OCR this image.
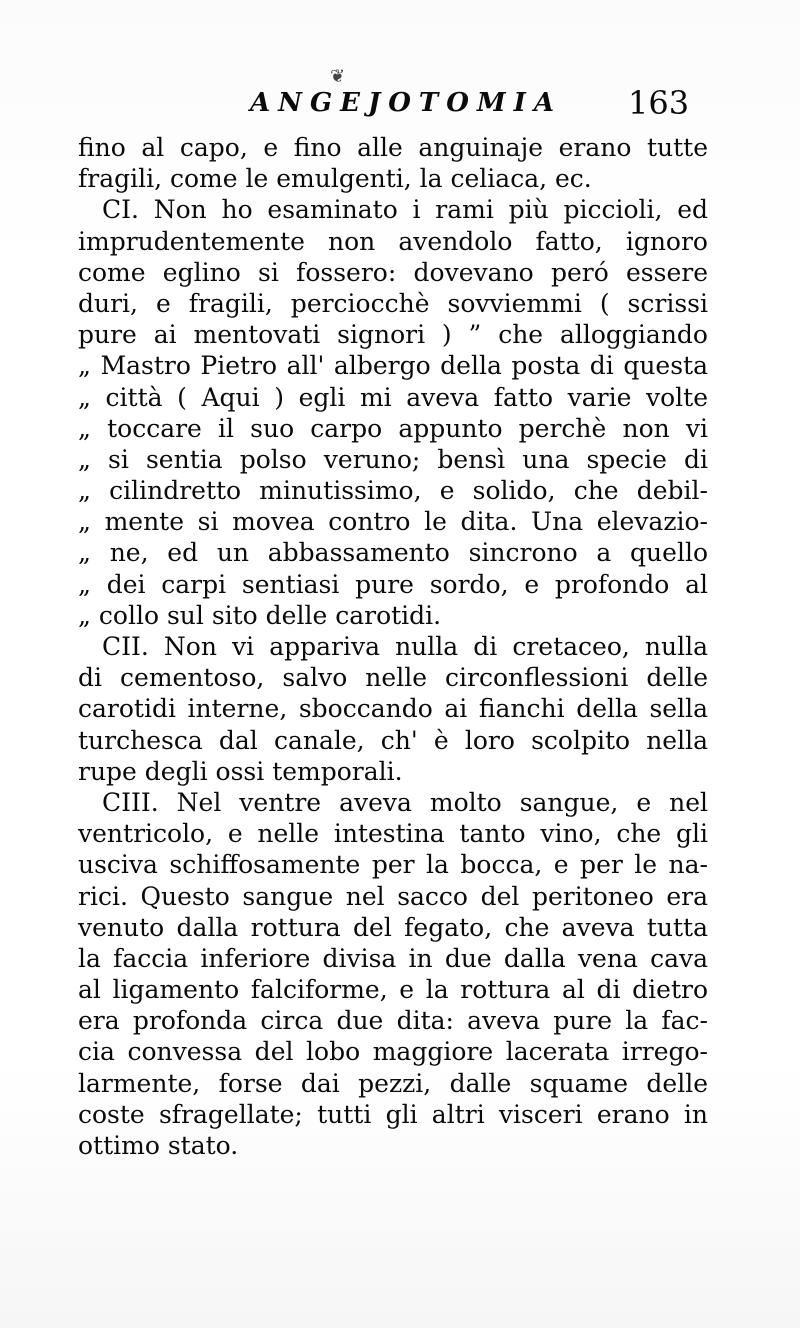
❦
ANGEJOTOMIA 163
fino al capo, e fino alle anguinaje erano tutte
fragili, come le emulgenti, la celiaca, ec.
CI. Non ho esaminato i rami più piccioli, ed
imprudentemente non avendolo fatto, ignoro
come eglino si fossero: dovevano peró essere
duri, e fragili, perciocchè sovviemmi ( scrissi
pure ai mentovati signori ) ” che alloggiando
„ Mastro Pietro all' albergo della posta di questa
„ città ( Aqui ) egli mi aveva fatto varie volte
„ toccare il suo carpo appunto perchè non vi
„ si sentia polso veruno; bensì una specie di
„ cilindretto minutissimo, e solido, che debil-
„ mente si movea contro le dita. Una elevazio-
„ ne, ed un abbassamento sincrono a quello
„ dei carpi sentiasi pure sordo, e profondo al
„ collo sul sito delle carotidi.
CII. Non vi appariva nulla di cretaceo, nulla
di cementoso, salvo nelle circonflessioni delle
carotidi interne, sboccando ai fianchi della sella
turchesca dal canale, ch' è loro scolpito nella
rupe degli ossi temporali.
CIII. Nel ventre aveva molto sangue, e nel
ventricolo, e nelle intestina tanto vino, che gli
usciva schiffosamente per la bocca, e per le na-
rici. Questo sangue nel sacco del peritoneo era
venuto dalla rottura del fegato, che aveva tutta
la faccia inferiore divisa in due dalla vena cava
al ligamento falciforme, e la rottura al di dietro
era profonda circa due dita: aveva pure la fac-
cia convessa del lobo maggiore lacerata irrego-
larmente, forse dai pezzi, dalle squame delle
coste sfragellate; tutti gli altri visceri erano in
ottimo stato.
